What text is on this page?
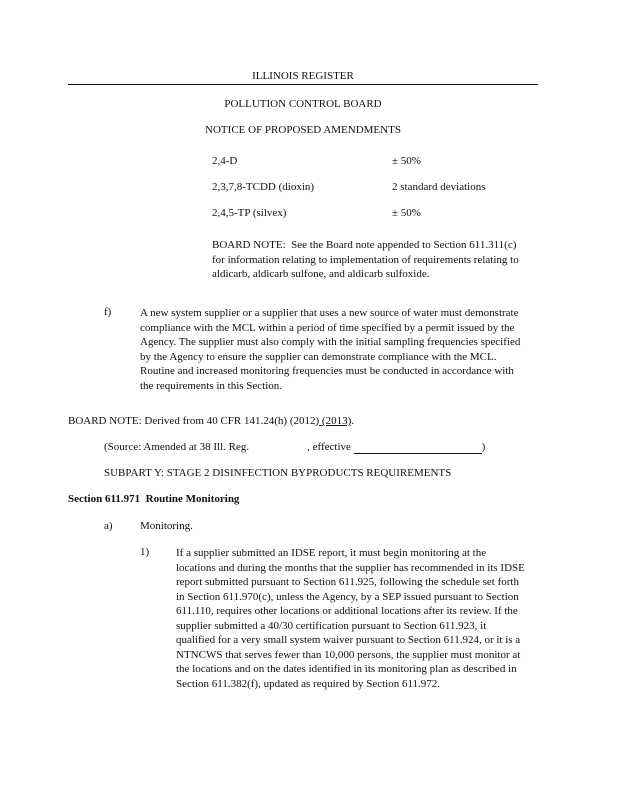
ILLINOIS REGISTER
POLLUTION CONTROL BOARD
NOTICE OF PROPOSED AMENDMENTS
2,4-D	± 50%
2,3,7,8-TCDD (dioxin)	2 standard deviations
2,4,5-TP (silvex)	± 50%
BOARD NOTE: See the Board note appended to Section 611.311(c) for information relating to implementation of requirements relating to aldicarb, aldicarb sulfone, and aldicarb sulfoxide.
f)	A new system supplier or a supplier that uses a new source of water must demonstrate compliance with the MCL within a period of time specified by a permit issued by the Agency. The supplier must also comply with the initial sampling frequencies specified by the Agency to ensure the supplier can demonstrate compliance with the MCL. Routine and increased monitoring frequencies must be conducted in accordance with the requirements in this Section.
BOARD NOTE: Derived from 40 CFR 141.24(h) (2012) (2013).
(Source: Amended at 38 Ill. Reg.	, effective	)
SUBPART Y: STAGE 2 DISINFECTION BYPRODUCTS REQUIREMENTS
Section 611.971 Routine Monitoring
a) Monitoring.
1) If a supplier submitted an IDSE report, it must begin monitoring at the locations and during the months that the supplier has recommended in its IDSE report submitted pursuant to Section 611.925, following the schedule set forth in Section 611.970(c), unless the Agency, by a SEP issued pursuant to Section 611.110, requires other locations or additional locations after its review. If the supplier submitted a 40/30 certification pursuant to Section 611.923, it qualified for a very small system waiver pursuant to Section 611.924, or it is a NTNCWS that serves fewer than 10,000 persons, the supplier must monitor at the locations and on the dates identified in its monitoring plan as described in Section 611.382(f), updated as required by Section 611.972.
